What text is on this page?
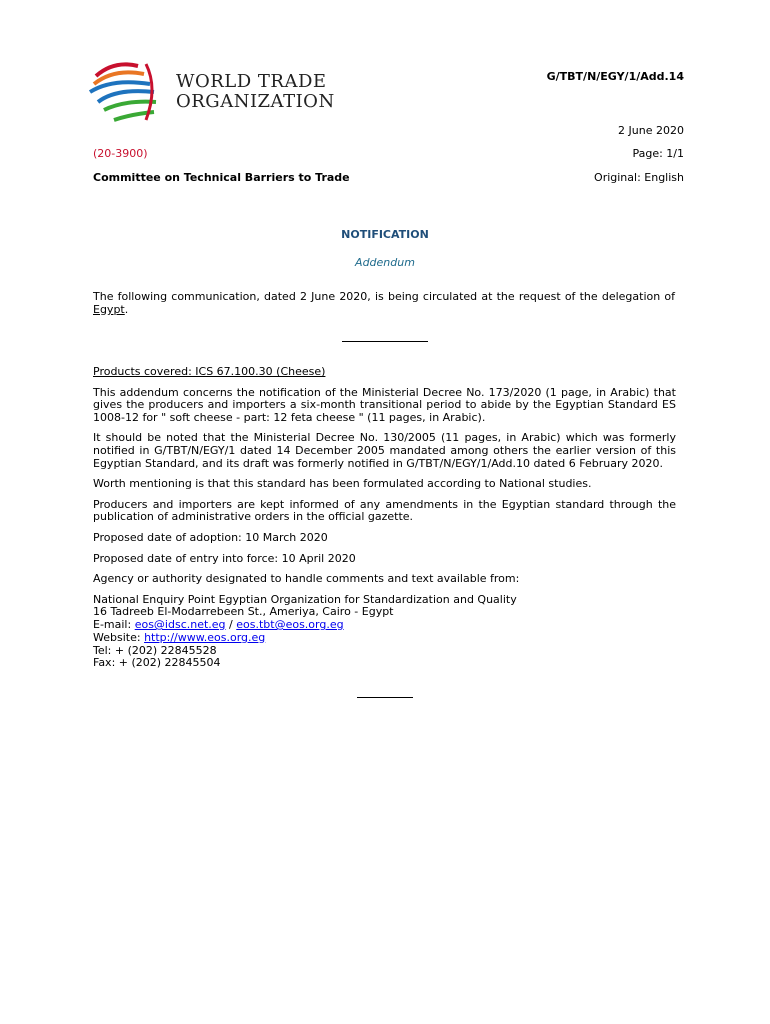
WORLD TRADE
ORGANIZATION
G/TBT/N/EGY/1/Add.14
2 June 2020
(20-3900)	Page: 1/1
Committee on Technical Barriers to Trade	Original: English
NOTIFICATION
Addendum
The following communication, dated 2 June 2020, is being circulated at the request of the delegation of Egypt.

Products covered: ICS 67.100.30 (Cheese)

This addendum concerns the notification of the Ministerial Decree No. 173/2020 (1 page, in Arabic) that gives the producers and importers a six-month transitional period to abide by the Egyptian Standard ES 1008-12 for " soft cheese - part: 12 feta cheese " (11 pages, in Arabic).

It should be noted that the Ministerial Decree No. 130/2005 (11 pages, in Arabic) which was formerly notified in G/TBT/N/EGY/1 dated 14 December 2005 mandated among others the earlier version of this Egyptian Standard, and its draft was formerly notified in G/TBT/N/EGY/1/Add.10 dated 6 February 2020.

Worth mentioning is that this standard has been formulated according to National studies.

Producers and importers are kept informed of any amendments in the Egyptian standard through the publication of administrative orders in the official gazette.

Proposed date of adoption: 10 March 2020

Proposed date of entry into force: 10 April 2020

Agency or authority designated to handle comments and text available from:

National Enquiry Point Egyptian Organization for Standardization and Quality
16 Tadreeb El-Modarrebeen St., Ameriya, Cairo - Egypt
E-mail: eos@idsc.net.eg / eos.tbt@eos.org.eg
Website: http://www.eos.org.eg
Tel: + (202) 22845528
Fax: + (202) 22845504
